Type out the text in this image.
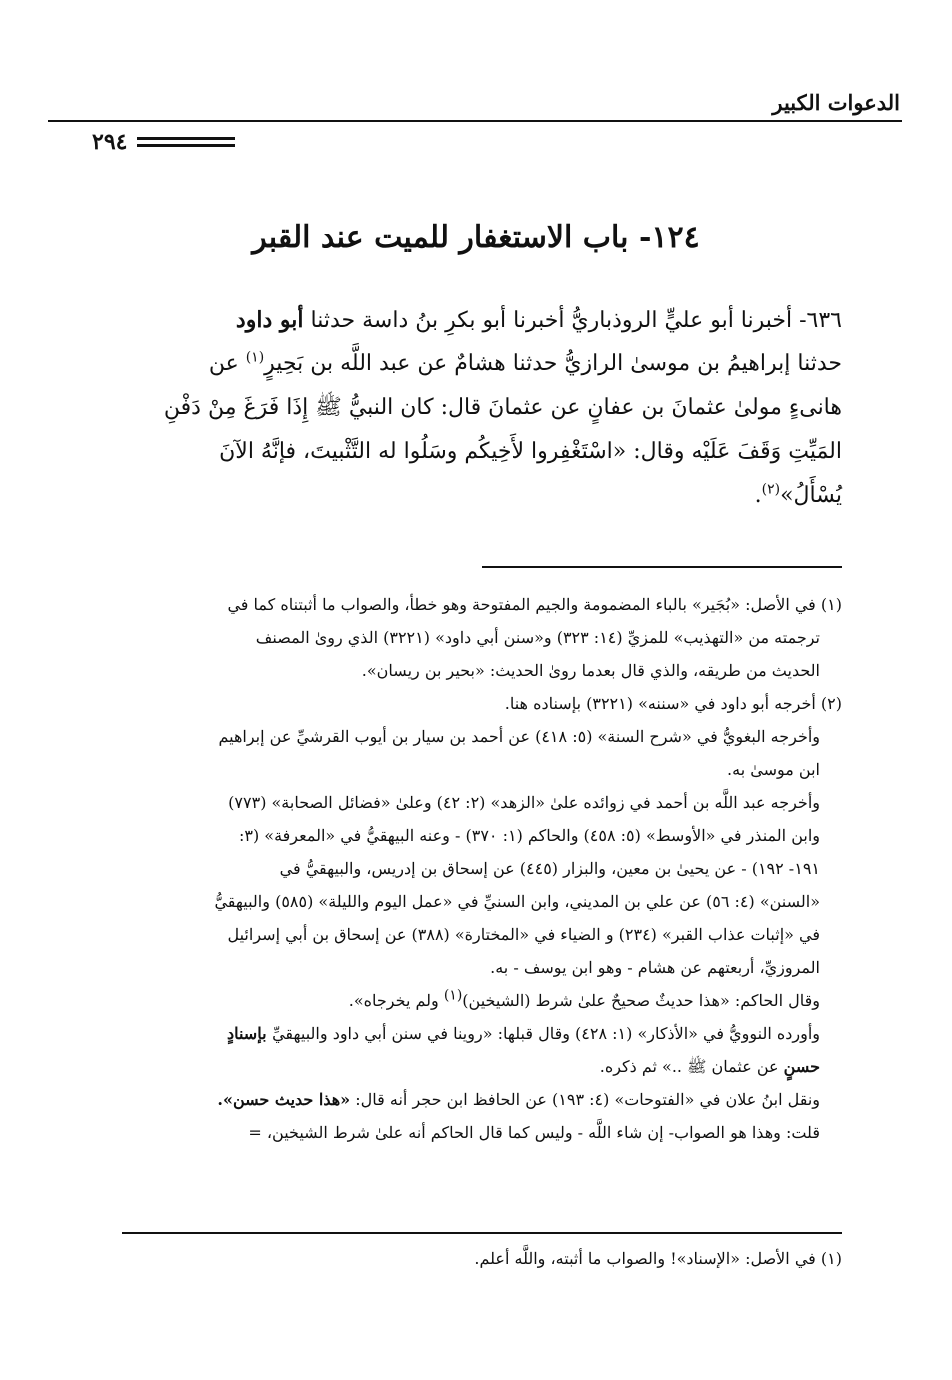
الدعوات الكبير
٢٩٤
١٢٤- باب الاستغفار للميت عند القبر
٦٣٦- أخبرنا أبو عليٍّ الروذباريُّ أخبرنا أبو بكرِ بنُ داسة حدثنا أبو داود
حدثنا إبراهيمُ بن موسىٰ الرازيُّ حدثنا هشامٌ عن عبد اللَّه بن بَحِيرٍ$^{(١)}$ عن
هانىءٍ مولىٰ عثمانَ بن عفانٍ عن عثمانَ قال: كان النبيُّ ﷺ إِذَا فَرَغَ مِنْ دَفْنِ
المَيِّتِ وَقَفَ عَلَيْه وقال: «اسْتَغْفِروا لأَخِيكُم وسَلُوا له التَّثْبيتَ، فإنَّهُ الآنَ
يُسْأَلُ»$^{(٢)}$.
(١) في الأصل: «بُجَير» بالباء المضمومة والجيم المفتوحة وهو خطأ، والصواب ما أثبتناه كما في
ترجمته من «التهذيب» للمزيِّ (١٤: ٣٢٣) و«سنن أبي داود» (٣٢٢١) الذي روىٰ المصنف
الحديث من طريقه، والذي قال بعدما روىٰ الحديث: «بحير بن ريسان».
(٢) أخرجه أبو داود في «سننه» (٣٢٢١) بإسناده هنا.
وأخرجه البغويُّ في «شرح السنة» (٥: ٤١٨) عن أحمد بن سيار بن أيوب القرشيِّ عن إبراهيم
ابن موسىٰ به.
وأخرجه عبد اللَّه بن أحمد في زوائده علىٰ «الزهد» (٢: ٤٢) وعلىٰ «فضائل الصحابة» (٧٧٣)
وابن المنذر في «الأوسط» (٥: ٤٥٨) والحاكم (١: ٣٧٠) - وعنه البيهقيُّ في «المعرفة» (٣:
١٩١- ١٩٢) - عن يحيىٰ بن معين، والبزار (٤٤٥) عن إسحاق بن إدريس، والبيهقيُّ في
«السنن» (٤: ٥٦) عن علي بن المديني، وابن السنيِّ في «عمل اليوم والليلة» (٥٨٥) والبيهقيُّ
في «إثبات عذاب القبر» (٢٣٤) و الضياء في «المختارة» (٣٨٨) عن إسحاق بن أبي إسرائيل
المروزيِّ، أربعتهم عن هشام - وهو ابن يوسف - به.
وقال الحاكم: «هذا حديثٌ صحيحٌ علىٰ شرط (الشيخين)(١) ولم يخرجاه».
وأورده النوويُّ في «الأذكار» (١: ٤٢٨) وقال قبلها: «روينا في سنن أبي داود والبيهقيِّ بإسنادٍ
حسنٍ عن عثمان ﷺ ..» ثم ذكره.
ونقل ابنُ علان في «الفتوحات» (٤: ١٩٣) عن الحافظ ابن حجر أنه قال: «هذا حديث حسن».
قلت: وهذا هو الصواب- إن شاء اللَّه - وليس كما قال الحاكم أنه علىٰ شرط الشيخين، =
(١) في الأصل: «الإسناد»! والصواب ما أثبته، واللَّه أعلم.
